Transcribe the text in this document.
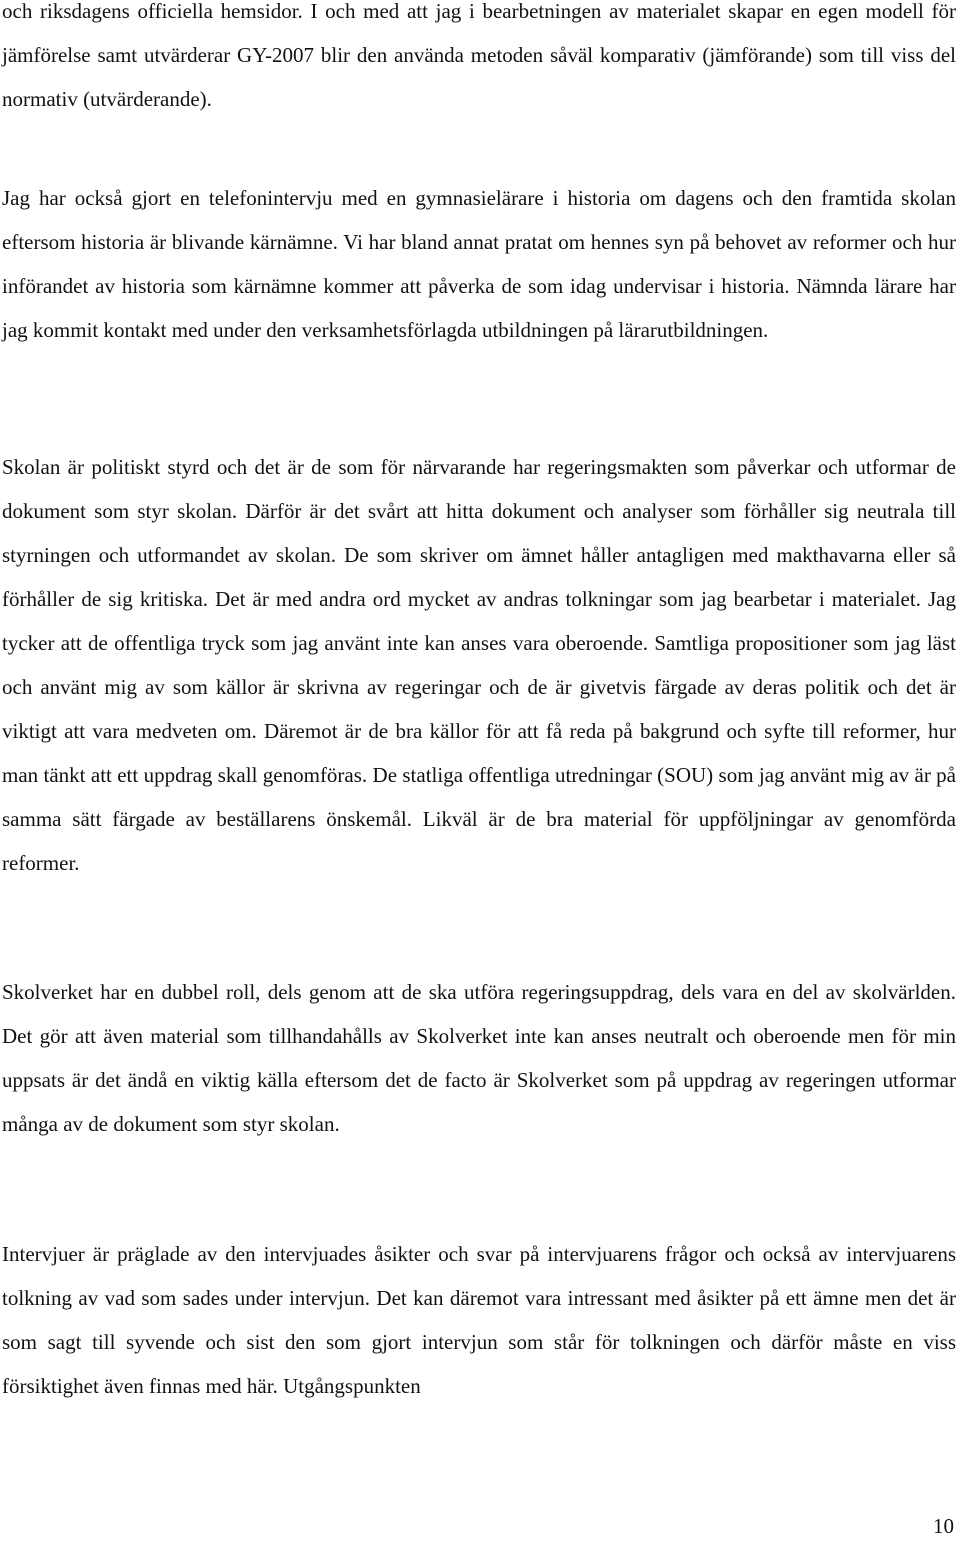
och riksdagens officiella hemsidor. I och med att jag i bearbetningen av materialet skapar en egen modell för jämförelse samt utvärderar GY-2007 blir den använda metoden såväl komparativ (jämförande) som till viss del normativ (utvärderande).

Jag har också gjort en telefonintervju med en gymnasielärare i historia om dagens och den framtida skolan eftersom historia är blivande kärnämne. Vi har bland annat pratat om hennes syn på behovet av reformer och hur införandet av historia som kärnämne kommer att påverka de som idag undervisar i historia. Nämnda lärare har jag kommit kontakt med under den verksamhetsförlagda utbildningen på lärarutbildningen.

Skolan är politiskt styrd och det är de som för närvarande har regeringsmakten som påverkar och utformar de dokument som styr skolan. Därför är det svårt att hitta dokument och analyser som förhåller sig neutrala till styrningen och utformandet av skolan. De som skriver om ämnet håller antagligen med makthavarna eller så förhåller de sig kritiska. Det är med andra ord mycket av andras tolkningar som jag bearbetar i materialet. Jag tycker att de offentliga tryck som jag använt inte kan anses vara oberoende. Samtliga propositioner som jag läst och använt mig av som källor är skrivna av regeringar och de är givetvis färgade av deras politik och det är viktigt att vara medveten om. Däremot är de bra källor för att få reda på bakgrund och syfte till reformer, hur man tänkt att ett uppdrag skall genomföras. De statliga offentliga utredningar (SOU) som jag använt mig av är på samma sätt färgade av beställarens önskemål. Likväl är de bra material för uppföljningar av genomförda reformer.

Skolverket har en dubbel roll, dels genom att de ska utföra regeringsuppdrag, dels vara en del av skolvärlden. Det gör att även material som tillhandahålls av Skolverket inte kan anses neutralt och oberoende men för min uppsats är det ändå en viktig källa eftersom det de facto är Skolverket som på uppdrag av regeringen utformar många av de dokument som styr skolan.

Intervjuer är präglade av den intervjuades åsikter och svar på intervjuarens frågor och också av intervjuarens tolkning av vad som sades under intervjun. Det kan däremot vara intressant med åsikter på ett ämne men det är som sagt till syvende och sist den som gjort intervjun som står för tolkningen och därför måste en viss försiktighet även finnas med här. Utgångspunkten

10
